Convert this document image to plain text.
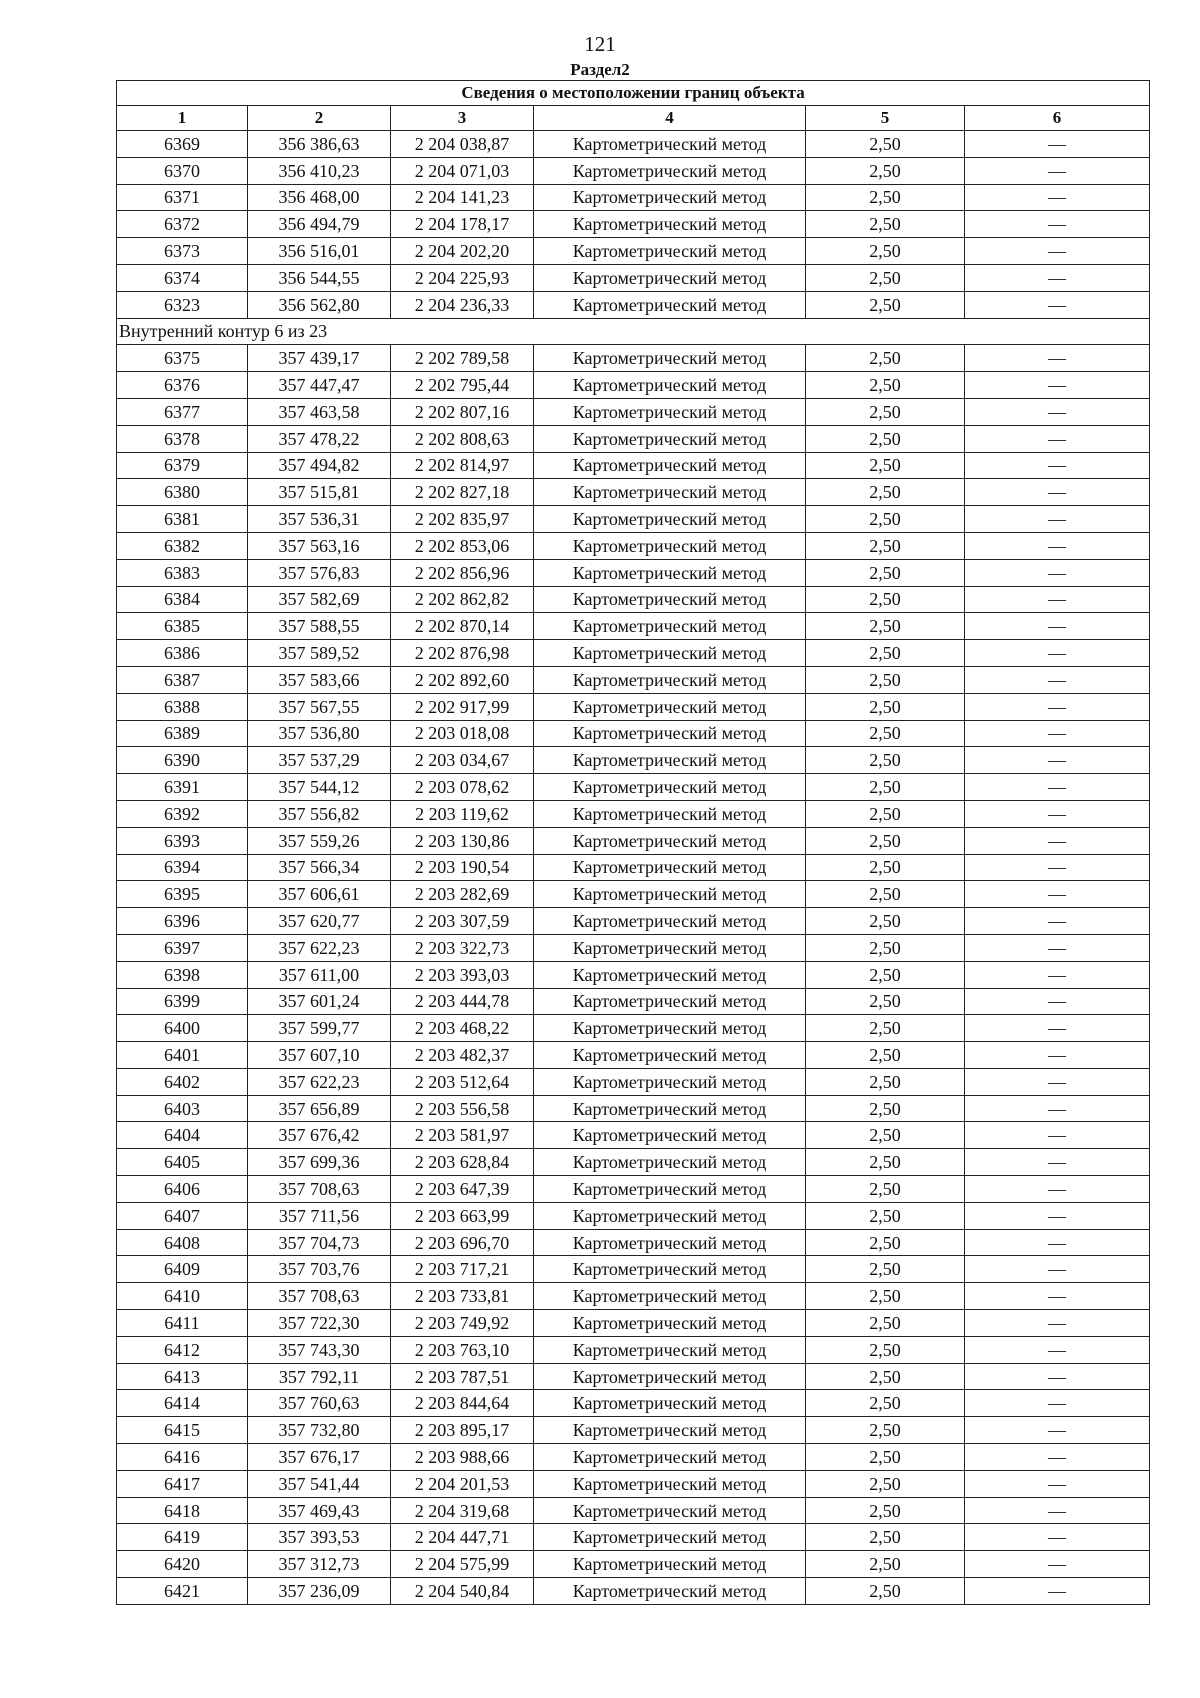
121
Раздел2
Сведения о местоположении границ объекта					
1	2	3	4	5	6
6369	356 386,63	2 204 038,87	Картометрический метод	2,50	—
6370	356 410,23	2 204 071,03	Картометрический метод	2,50	—
6371	356 468,00	2 204 141,23	Картометрический метод	2,50	—
6372	356 494,79	2 204 178,17	Картометрический метод	2,50	—
6373	356 516,01	2 204 202,20	Картометрический метод	2,50	—
6374	356 544,55	2 204 225,93	Картометрический метод	2,50	—
6323	356 562,80	2 204 236,33	Картометрический метод	2,50	—
Внутренний контур 6 из 23					
6375	357 439,17	2 202 789,58	Картометрический метод	2,50	—
6376	357 447,47	2 202 795,44	Картометрический метод	2,50	—
6377	357 463,58	2 202 807,16	Картометрический метод	2,50	—
6378	357 478,22	2 202 808,63	Картометрический метод	2,50	—
6379	357 494,82	2 202 814,97	Картометрический метод	2,50	—
6380	357 515,81	2 202 827,18	Картометрический метод	2,50	—
6381	357 536,31	2 202 835,97	Картометрический метод	2,50	—
6382	357 563,16	2 202 853,06	Картометрический метод	2,50	—
6383	357 576,83	2 202 856,96	Картометрический метод	2,50	—
6384	357 582,69	2 202 862,82	Картометрический метод	2,50	—
6385	357 588,55	2 202 870,14	Картометрический метод	2,50	—
6386	357 589,52	2 202 876,98	Картометрический метод	2,50	—
6387	357 583,66	2 202 892,60	Картометрический метод	2,50	—
6388	357 567,55	2 202 917,99	Картометрический метод	2,50	—
6389	357 536,80	2 203 018,08	Картометрический метод	2,50	—
6390	357 537,29	2 203 034,67	Картометрический метод	2,50	—
6391	357 544,12	2 203 078,62	Картометрический метод	2,50	—
6392	357 556,82	2 203 119,62	Картометрический метод	2,50	—
6393	357 559,26	2 203 130,86	Картометрический метод	2,50	—
6394	357 566,34	2 203 190,54	Картометрический метод	2,50	—
6395	357 606,61	2 203 282,69	Картометрический метод	2,50	—
6396	357 620,77	2 203 307,59	Картометрический метод	2,50	—
6397	357 622,23	2 203 322,73	Картометрический метод	2,50	—
6398	357 611,00	2 203 393,03	Картометрический метод	2,50	—
6399	357 601,24	2 203 444,78	Картометрический метод	2,50	—
6400	357 599,77	2 203 468,22	Картометрический метод	2,50	—
6401	357 607,10	2 203 482,37	Картометрический метод	2,50	—
6402	357 622,23	2 203 512,64	Картометрический метод	2,50	—
6403	357 656,89	2 203 556,58	Картометрический метод	2,50	—
6404	357 676,42	2 203 581,97	Картометрический метод	2,50	—
6405	357 699,36	2 203 628,84	Картометрический метод	2,50	—
6406	357 708,63	2 203 647,39	Картометрический метод	2,50	—
6407	357 711,56	2 203 663,99	Картометрический метод	2,50	—
6408	357 704,73	2 203 696,70	Картометрический метод	2,50	—
6409	357 703,76	2 203 717,21	Картометрический метод	2,50	—
6410	357 708,63	2 203 733,81	Картометрический метод	2,50	—
6411	357 722,30	2 203 749,92	Картометрический метод	2,50	—
6412	357 743,30	2 203 763,10	Картометрический метод	2,50	—
6413	357 792,11	2 203 787,51	Картометрический метод	2,50	—
6414	357 760,63	2 203 844,64	Картометрический метод	2,50	—
6415	357 732,80	2 203 895,17	Картометрический метод	2,50	—
6416	357 676,17	2 203 988,66	Картометрический метод	2,50	—
6417	357 541,44	2 204 201,53	Картометрический метод	2,50	—
6418	357 469,43	2 204 319,68	Картометрический метод	2,50	—
6419	357 393,53	2 204 447,71	Картометрический метод	2,50	—
6420	357 312,73	2 204 575,99	Картометрический метод	2,50	—
6421	357 236,09	2 204 540,84	Картометрический метод	2,50	—
